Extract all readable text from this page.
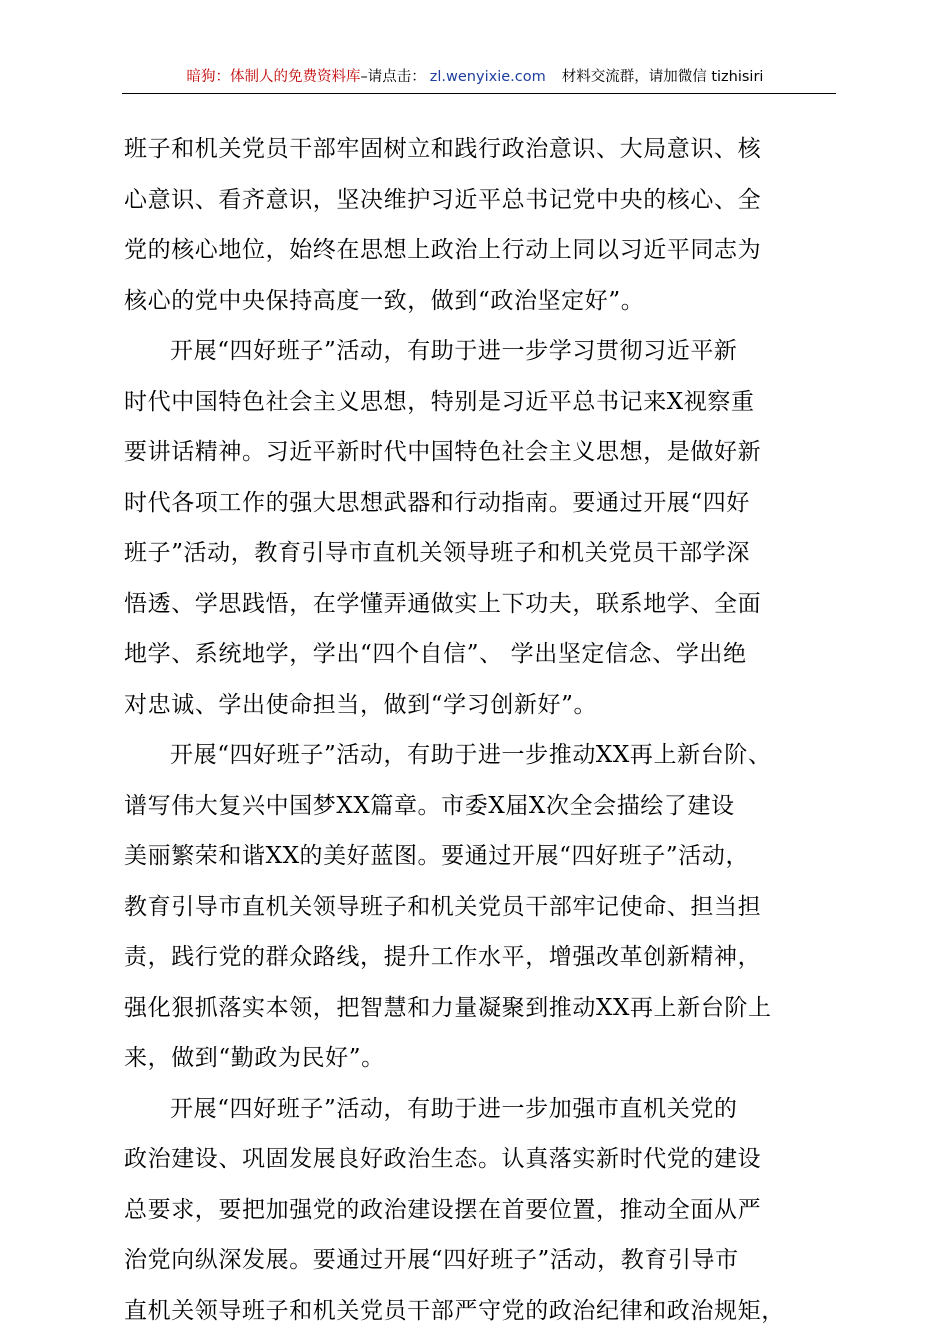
暗狗：体制人的免费资料库–请点击： zl.wenyixie.com 材料交流群，请加微信 tizhisiri
班子和机关党员干部牢固树立和践行政治意识、大局意识、核
心意识、看齐意识，坚决维护习近平总书记党中央的核心、全
党的核心地位，始终在思想上政治上行动上同以习近平同志为
核心的党中央保持高度一致，做到“政治坚定好”。
开展“四好班子”活动，有助于进一步学习贯彻习近平新
时代中国特色社会主义思想，特别是习近平总书记来X视察重
要讲话精神。习近平新时代中国特色社会主义思想，是做好新
时代各项工作的强大思想武器和行动指南。要通过开展“四好
班子”活动，教育引导市直机关领导班子和机关党员干部学深
悟透、学思践悟，在学懂弄通做实上下功夫，联系地学、全面
地学、系统地学，学出“四个自信”、 学出坚定信念、学出绝
对忠诚、学出使命担当，做到“学习创新好”。
开展“四好班子”活动，有助于进一步推动XX再上新台阶、
谱写伟大复兴中国梦XX篇章。市委X届X次全会描绘了建设
美丽繁荣和谐XX的美好蓝图。要通过开展“四好班子”活动，
教育引导市直机关领导班子和机关党员干部牢记使命、担当担
责，践行党的群众路线，提升工作水平，增强改革创新精神，
强化狠抓落实本领，把智慧和力量凝聚到推动XX再上新台阶上
来，做到“勤政为民好”。
开展“四好班子”活动，有助于进一步加强市直机关党的
政治建设、巩固发展良好政治生态。认真落实新时代党的建设
总要求，要把加强党的政治建设摆在首要位置，推动全面从严
治党向纵深发展。要通过开展“四好班子”活动，教育引导市
直机关领导班子和机关党员干部严守党的政治纪律和政治规矩，
